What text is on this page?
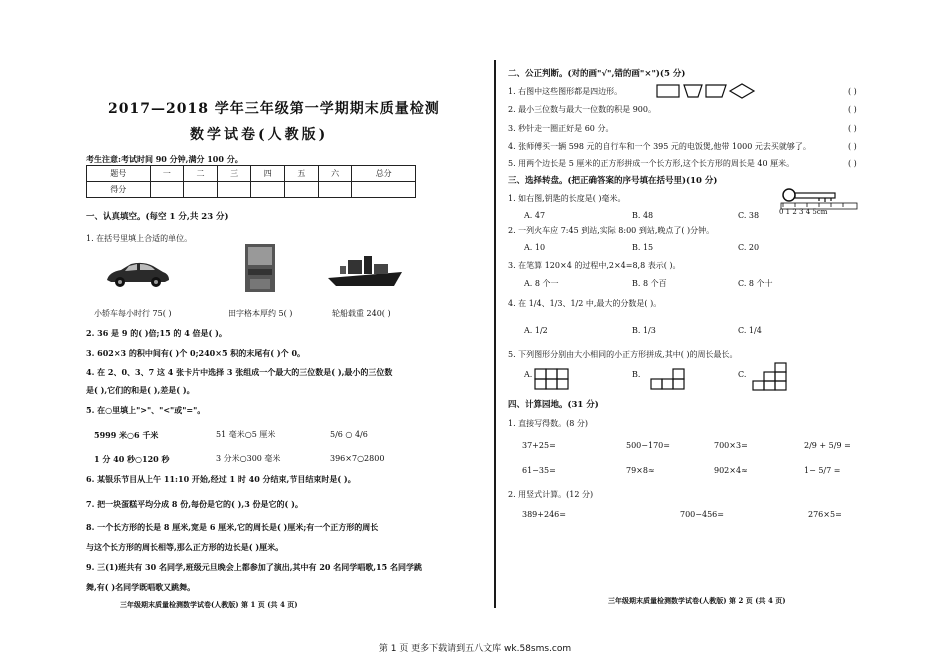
2017—2018 学年三年级第一学期期末质量检测
数学试卷(人教版)
考生注意:考试时间 90 分钟,满分 100 分。
题号	一	二	三	四	五	六	总分
得分							
一、认真填空。(每空 1 分,共 23 分)
1. 在括号里填上合适的单位。
小轿车每小时行 75( )	田字格本厚约 5( )	轮船载重 240( )
2. 36 是 9 的( )倍;15 的 4 倍是( )。
3. 602×3 的积中间有( )个 0;240×5 积的末尾有( )个 0。
4. 在 2、0、3、7 这 4 张卡片中选择 3 张组成一个最大的三位数是( ),最小的三位数
是( ),它们的和是( ),差是( )。
5. 在○里填上">"、"<"或"="。
5999 米○6 千米	51 毫米○5 厘米	5/6 ○ 4/6
1 分 40 秒○120 秒	3 分米○300 毫米	396×7○2800
6. 某银乐节目从上午 11:10 开始,经过 1 时 40 分结束,节目结束时是( )。
7. 把一块蛋糕平均分成 8 份,每份是它的( ),3 份是它的( )。
8. 一个长方形的长是 8 厘米,宽是 6 厘米,它的周长是( )厘米;有一个正方形的周长
与这个长方形的周长相等,那么正方形的边长是( )厘米。
9. 三(1)班共有 30 名同学,班级元旦晚会上都参加了演出,其中有 20 名同学唱歌,15 名同学跳
舞,有( )名同学既唱歌又跳舞。
三年级期末质量检测数学试卷(人教版) 第 1 页 (共 4 页)
二、公正判断。(对的画"√",错的画"×")(5 分)
1. 右图中这些图形都是四边形。
2. 最小三位数与最大一位数的积是 900。
3. 秒针走一圈正好是 60 分。
4. 张师傅买一辆 598 元的自行车和一个 395 元的电饭煲,他带 1000 元去买就够了。
5. 用两个边长是 5 厘米的正方形拼成一个长方形,这个长方形的周长是 40 厘米。
( )
( )
( )
( )
( )
三、选择转盘。(把正确答案的序号填在括号里)(10 分)
1. 如右图,钥匙的长度是( )毫米。
0 1 2 3 4 5cm
A. 47	B. 48	C. 38
2. 一列火车应 7:45 到站,实际 8:00 到站,晚点了( )分钟。
A. 10	B. 15	C. 20
3. 在笔算 120×4 的过程中,2×4=8,8 表示( )。
A. 8 个一	B. 8 个百	C. 8 个十
4. 在 1/4、1/3、1/2 中,最大的分数是( )。
A. 1/2	B. 1/3	C. 1/4
5. 下列图形分别由大小相同的小正方形拼成,其中( )的周长最长。
A.	B.	C.
四、计算园地。(31 分)
1. 直接写得数。(8 分)
37+25=	500−170=	700×3=	2/9 + 5/9 =
61−35=	79×8≈	902×4≈	1− 5/7 =
2. 用竖式计算。(12 分)
389+246=	700−456=	276×5=
三年级期末质量检测数学试卷(人教版) 第 2 页 (共 4 页)
第 1 页 更多下载请到五八文库 wk.58sms.com
